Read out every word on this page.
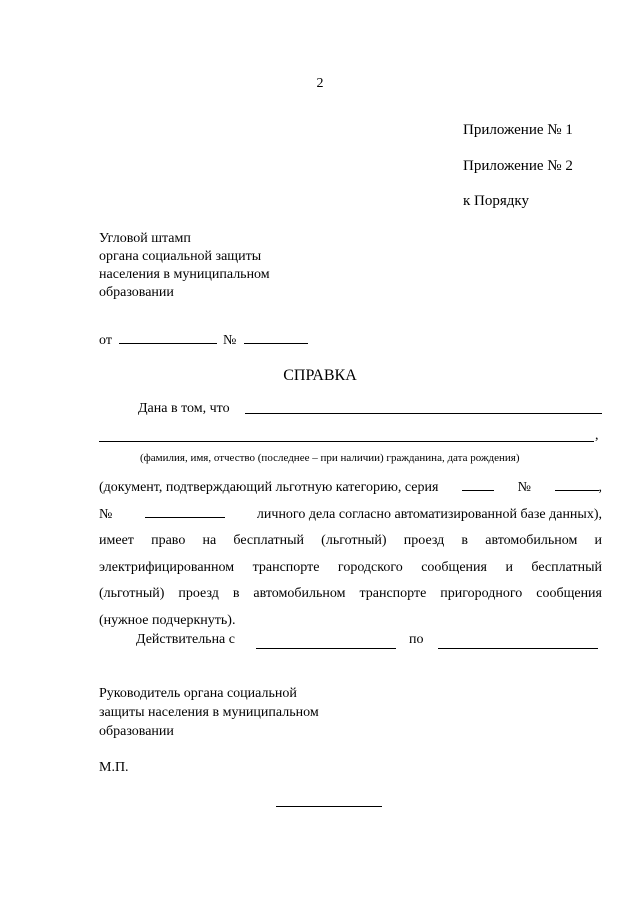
2
Приложение № 1
Приложение № 2
к Порядку
Угловой штамп
органа социальной защиты
населения в муниципальном
образовании
от	№
СПРАВКА
Дана в том, что
,
(фамилия, имя, отчество (последнее – при наличии) гражданина, дата рождения)
(документ, подтверждающий льготную категорию, серия	№	,
№	личного дела согласно автоматизированной базе данных),
имеет право на бесплатный (льготный) проезд в автомобильном и
электрифицированном транспорте городского сообщения и бесплатный
(льготный) проезд в автомобильном транспорте пригородного сообщения
(нужное подчеркнуть).
Действительна с	по
Руководитель органа социальной
защиты населения в муниципальном
образовании
М.П.
